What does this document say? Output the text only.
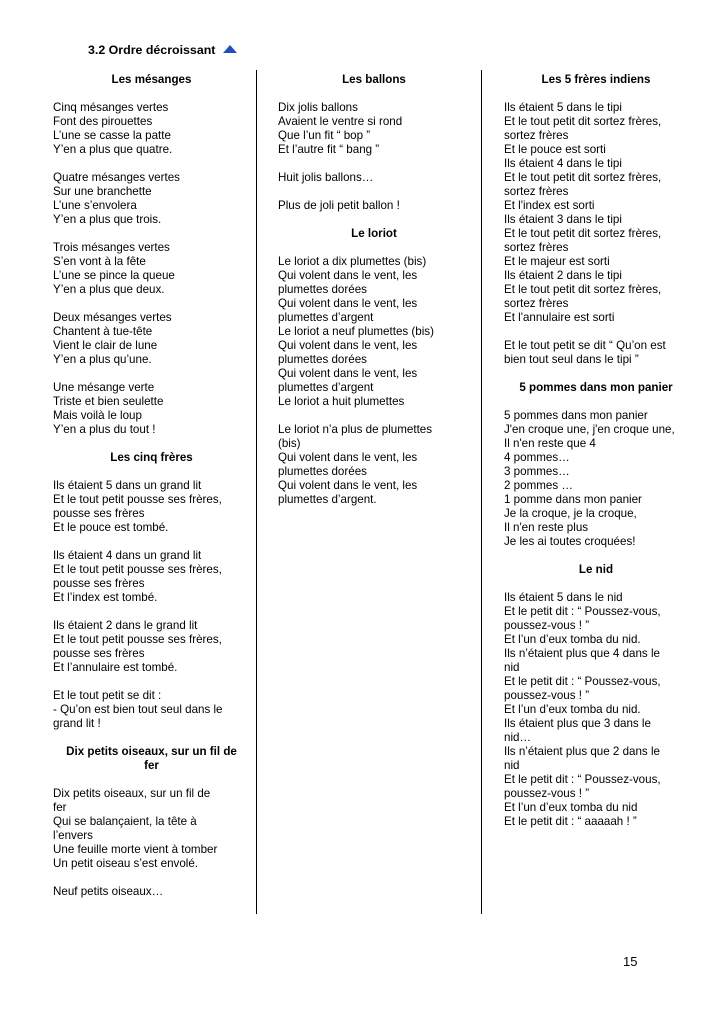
3.2 Ordre décroissant
Les mésanges
Cinq mésanges vertes
Font des pirouettes
L’une se casse la patte
Y’en a plus que quatre.
Quatre mésanges vertes
Sur une branchette
L’une s’envolera
Y’en a plus que trois.
Trois mésanges vertes
S’en vont à la fête
L’une se pince la queue
Y’en a plus que deux.
Deux mésanges vertes
Chantent à tue-tête
Vient le clair de lune
Y’en a plus qu’une.
Une mésange verte
Triste et bien seulette
Mais voilà le loup
Y’en a plus du tout !
Les cinq frères
Ils étaient 5 dans un grand lit
Et le tout petit pousse ses frères,
pousse ses frères
Et le pouce est tombé.
Ils étaient 4 dans un grand lit
Et le tout petit pousse ses frères,
pousse ses frères
Et l’index est tombé.
Ils étaient 2 dans le grand lit
Et le tout petit pousse ses frères,
pousse ses frères
Et l’annulaire est tombé.
Et le tout petit se dit :
- Qu’on est bien tout seul dans le
grand lit !
Dix petits oiseaux, sur un fil de
fer
Dix petits oiseaux, sur un fil de
fer
Qui se balançaient, la tête à
l’envers
Une feuille morte vient à tomber
Un petit oiseau s’est envolé.
Neuf petits oiseaux…
Les ballons
Dix jolis ballons
Avaient le ventre si rond
Que l’un fit “ bop ”
Et l’autre fit “ bang ”
Huit jolis ballons…
Plus de joli petit ballon !
Le loriot
Le loriot a dix plumettes (bis)
Qui volent dans le vent, les
plumettes dorées
Qui volent dans le vent, les
plumettes d’argent
Le loriot a neuf plumettes (bis)
Qui volent dans le vent, les
plumettes dorées
Qui volent dans le vent, les
plumettes d’argent
Le loriot a huit plumettes
Le loriot n’a plus de plumettes
(bis)
Qui volent dans le vent, les
plumettes dorées
Qui volent dans le vent, les
plumettes d’argent.
Les 5 frères indiens
Ils étaient 5 dans le tipi
Et le tout petit dit sortez frères,
sortez frères
Et le pouce est sorti
Ils étaient 4 dans le tipi
Et le tout petit dit sortez frères,
sortez frères
Et l'index est sorti
Ils étaient 3 dans le tipi
Et le tout petit dit sortez frères,
sortez frères
Et le majeur est sorti
Ils étaient 2 dans le tipi
Et le tout petit dit sortez frères,
sortez frères
Et l'annulaire est sorti
Et le tout petit se dit “ Qu’on est
bien tout seul dans le tipi ”
5 pommes dans mon panier
5 pommes dans mon panier
J'en croque une, j'en croque une,
Il n'en reste que 4
4 pommes…
3 pommes…
2 pommes …
1 pomme dans mon panier
Je la croque, je la croque,
Il n'en reste plus
Je les ai toutes croquées!
Le nid
Ils étaient 5 dans le nid
Et le petit dit : “ Poussez-vous,
poussez-vous ! ”
Et l’un d’eux tomba du nid.
Ils n’étaient plus que 4 dans le
nid
Et le petit dit : “ Poussez-vous,
poussez-vous ! ”
Et l’un d’eux tomba du nid.
Ils étaient plus que 3 dans le
nid…
Ils n’étaient plus que 2 dans le
nid
Et le petit dit : “ Poussez-vous,
poussez-vous ! ”
Et l’un d’eux tomba du nid
Et le petit dit : “ aaaaah ! ”
15
